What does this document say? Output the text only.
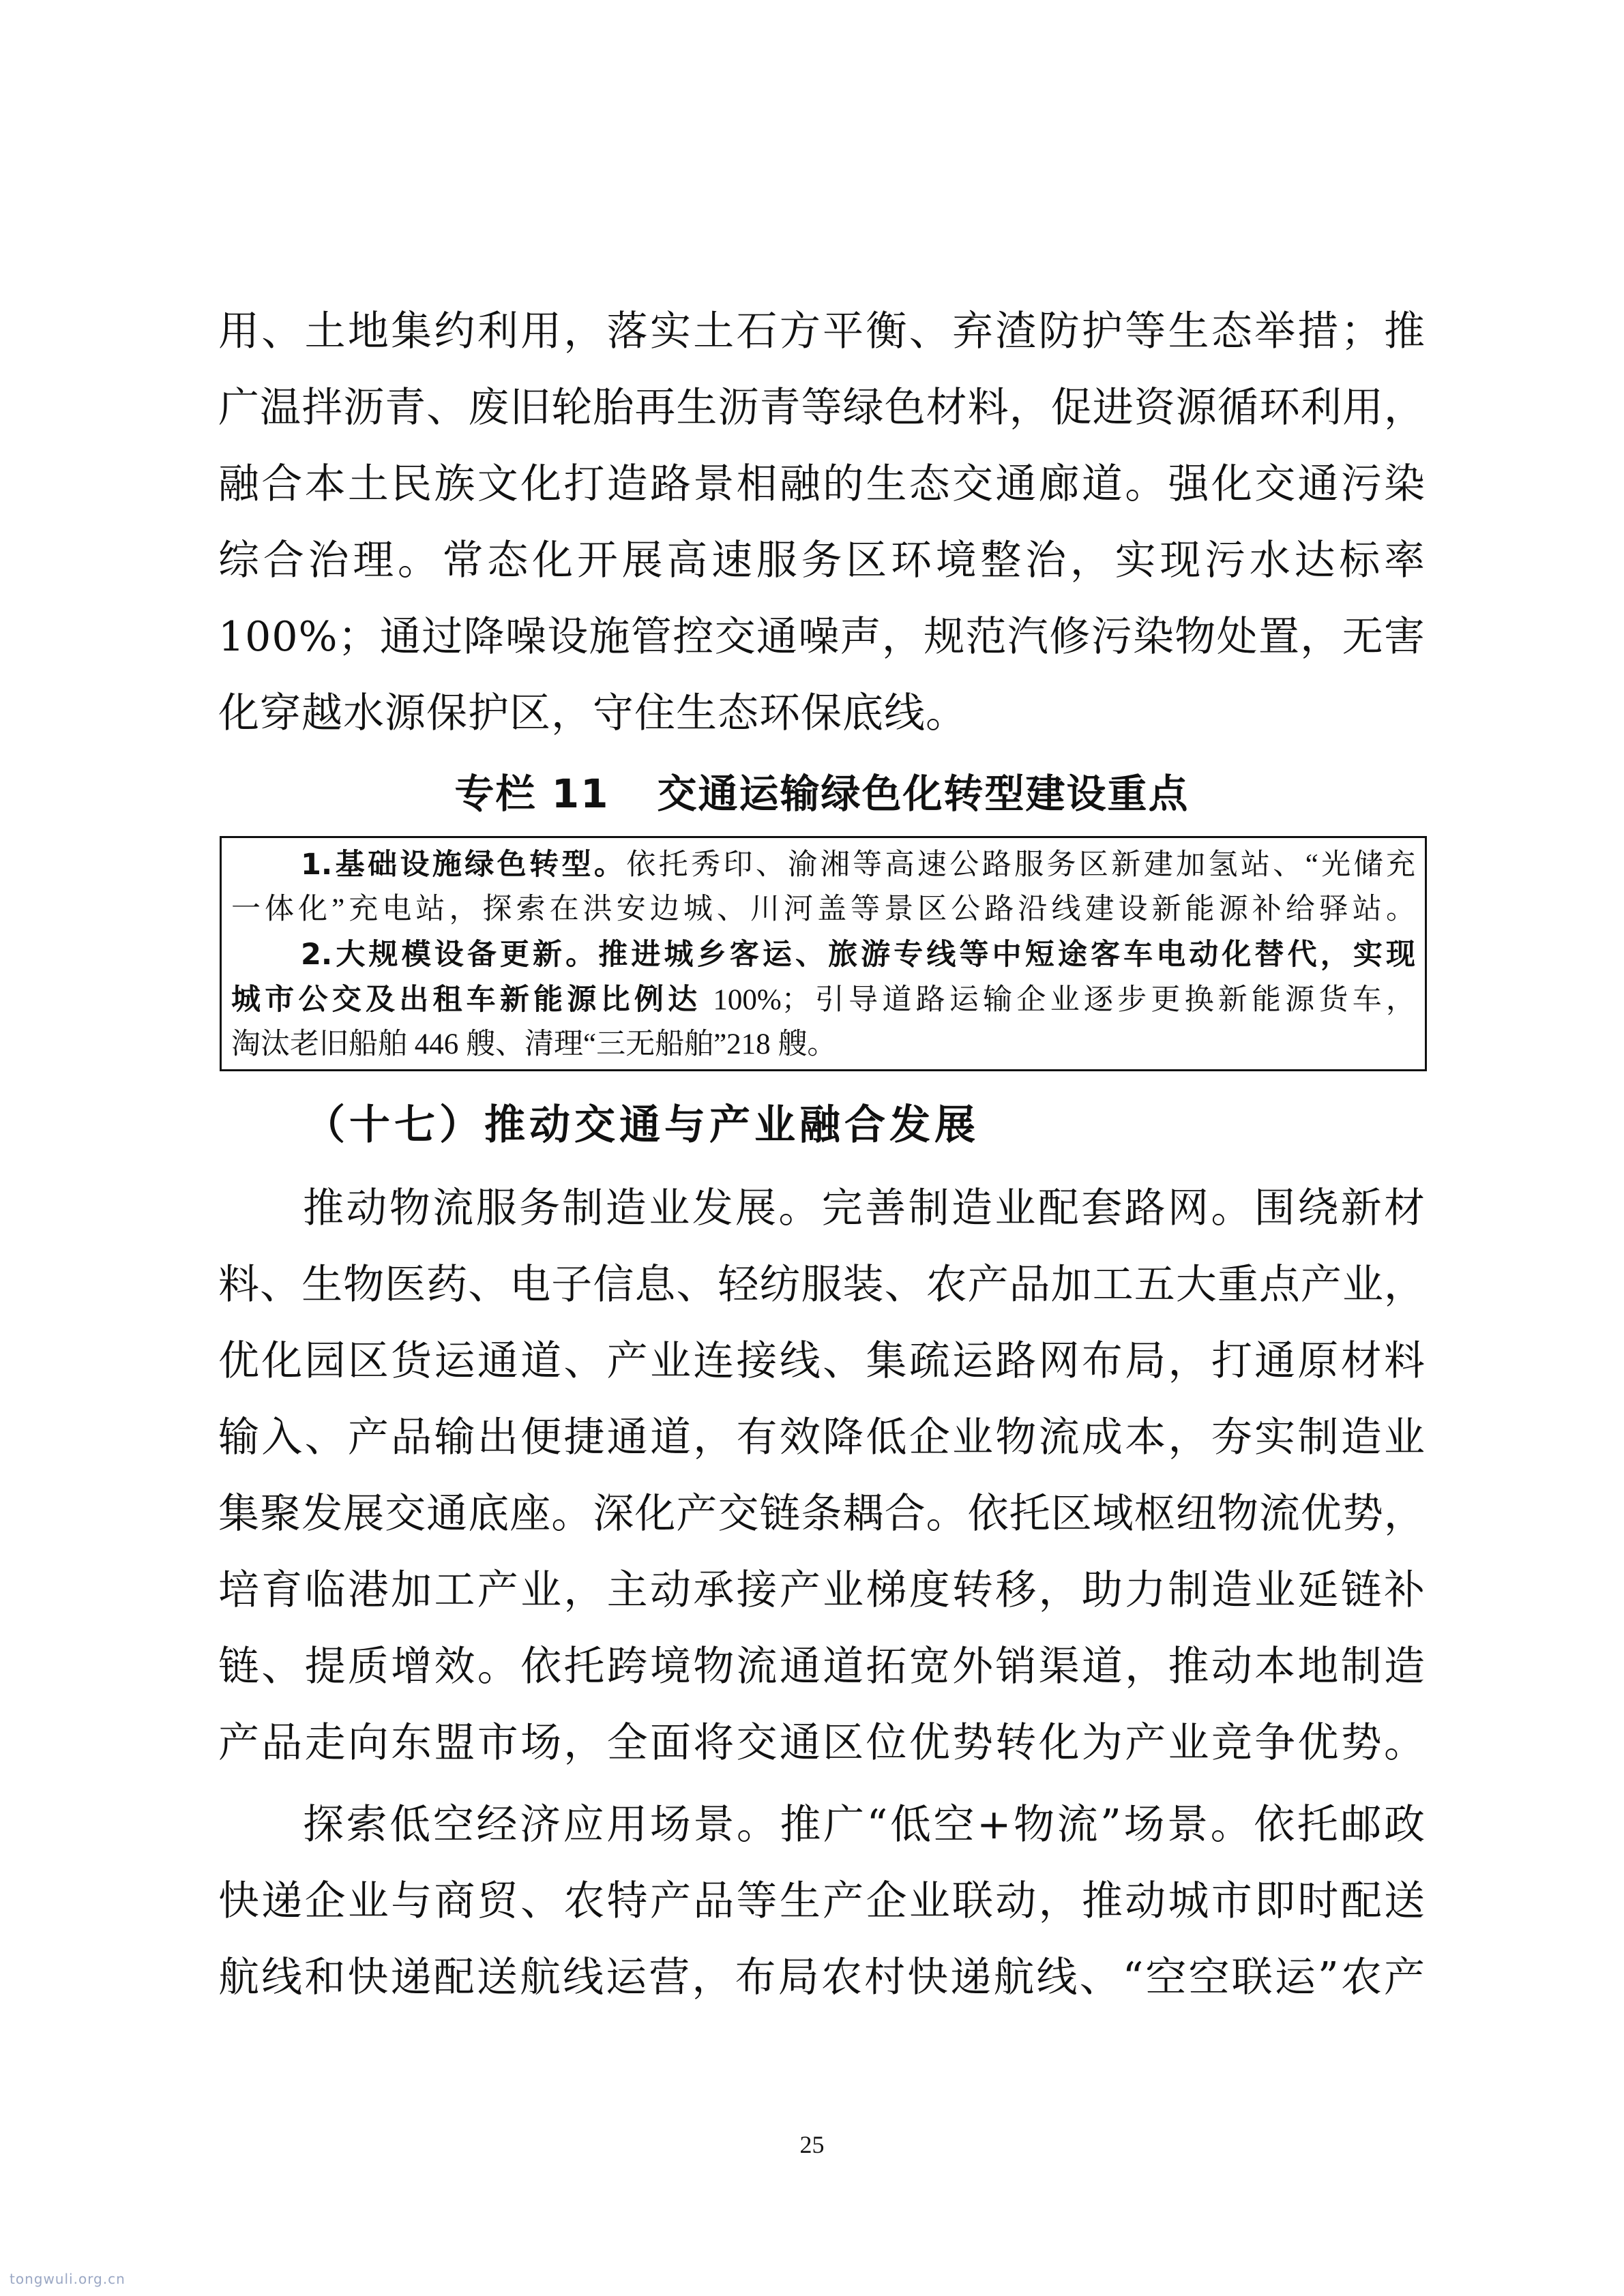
用、土地集约利用，落实土石方平衡、弃渣防护等生态举措；推
广温拌沥青、废旧轮胎再生沥青等绿色材料，促进资源循环利用，
融合本土民族文化打造路景相融的生态交通廊道。强化交通污染
综合治理。常态化开展高速服务区环境整治，实现污水达标率
100%；通过降噪设施管控交通噪声，规范汽修污染物处置，无害
化穿越水源保护区，守住生态环保底线。
专栏 11 交通运输绿色化转型建设重点
1.基础设施绿色转型。依托秀印、渝湘等高速公路服务区新建加氢站、“光储充
一体化”充电站，探索在洪安边城、川河盖等景区公路沿线建设新能源补给驿站。
2.大规模设备更新。推进城乡客运、旅游专线等中短途客车电动化替代，实现
城市公交及出租车新能源比例达 100%；引导道路运输企业逐步更换新能源货车，
淘汰老旧船舶 446 艘、清理“三无船舶”218 艘。
（十七）推动交通与产业融合发展
推动物流服务制造业发展。完善制造业配套路网。围绕新材
料、生物医药、电子信息、轻纺服装、农产品加工五大重点产业，
优化园区货运通道、产业连接线、集疏运路网布局，打通原材料
输入、产品输出便捷通道，有效降低企业物流成本，夯实制造业
集聚发展交通底座。深化产交链条耦合。依托区域枢纽物流优势，
培育临港加工产业，主动承接产业梯度转移，助力制造业延链补
链、提质增效。依托跨境物流通道拓宽外销渠道，推动本地制造
产品走向东盟市场，全面将交通区位优势转化为产业竞争优势。
探索低空经济应用场景。推广“低空+物流”场景。依托邮政
快递企业与商贸、农特产品等生产企业联动，推动城市即时配送
航线和快递配送航线运营，布局农村快递航线、“空空联运”农产
25
tongwuli.org.cn
